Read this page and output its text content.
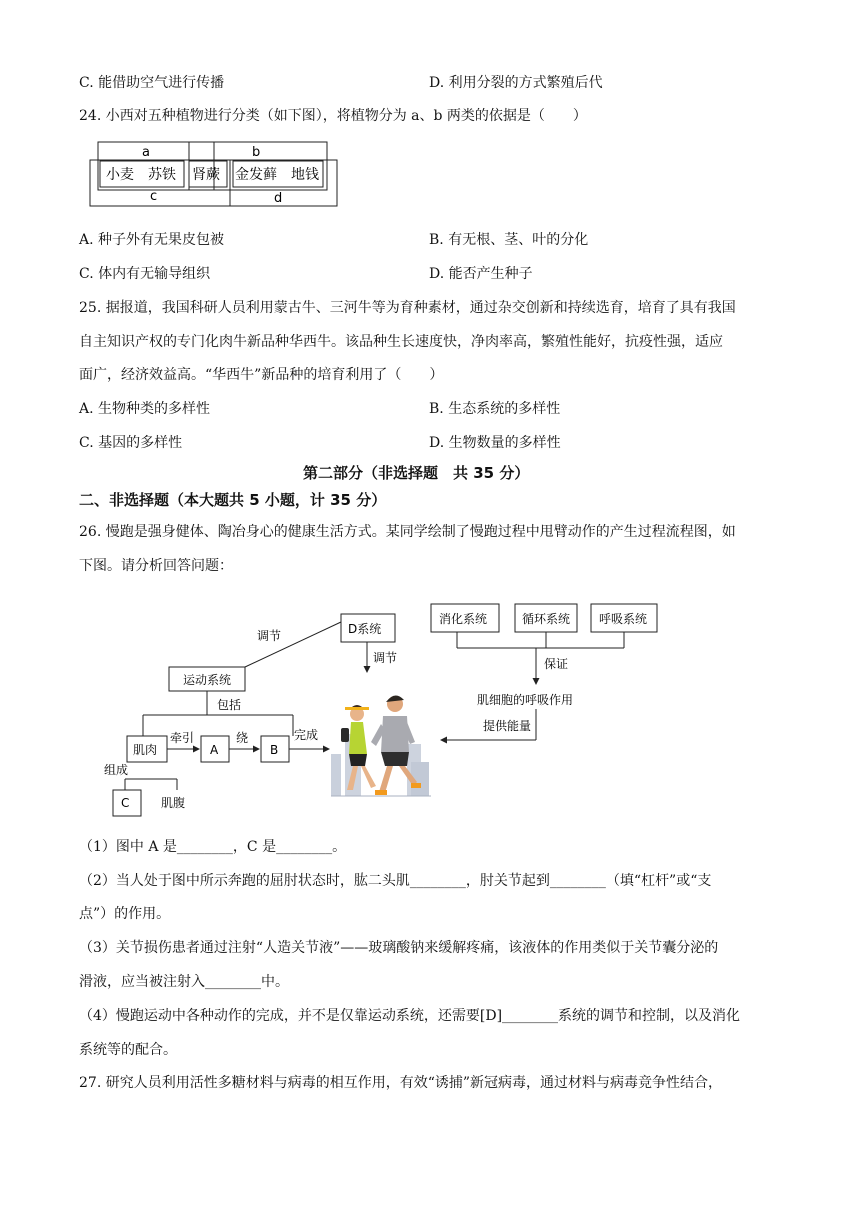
C. 能借助空气进行传播	D. 利用分裂的方式繁殖后代
24. 小西对五种植物进行分类（如下图），将植物分为 a、b 两类的依据是（　　）
a	b
c	d
小麦　苏铁 肾蕨 金发藓　地钱
A. 种子外有无果皮包被	B. 有无根、茎、叶的分化
C. 体内有无输导组织	D. 能否产生种子
25. 据报道，我国科研人员利用蒙古牛、三河牛等为育种素材，通过杂交创新和持续选育，培育了具有我国
自主知识产权的专门化肉牛新品种华西牛。该品种生长速度快，净肉率高，繁殖性能好，抗疫性强，适应
面广，经济效益高。“华西牛”新品种的培育利用了（　　）
A. 生物种类的多样性	B. 生态系统的多样性
C. 基因的多样性	D. 生物数量的多样性
第二部分（非选择题　共 35 分）
二、非选择题（本大题共 5 小题，计 35 分）
26. 慢跑是强身健体、陶冶身心的健康生活方式。某同学绘制了慢跑过程中甩臂动作的产生过程流程图，如
下图。请分析回答问题：
D系统
调节
调节
运动系统
包括
肌肉
牵引
A
绕
B
完成
组成
C	肌腹
消化系统	循环系统 呼吸系统
保证
肌细胞的呼吸作用
提供能量
（1）图中 A 是________，C 是________。
（2）当人处于图中所示奔跑的屈肘状态时，肱二头肌________，肘关节起到________（填“杠杆”或“支
点”）的作用。
（3）关节损伤患者通过注射“人造关节液”——玻璃酸钠来缓解疼痛，该液体的作用类似于关节囊分泌的
滑液，应当被注射入________中。
（4）慢跑运动中各种动作的完成，并不是仅靠运动系统，还需要[D]________系统的调节和控制，以及消化
系统等的配合。
27. 研究人员利用活性多糖材料与病毒的相互作用，有效“诱捕”新冠病毒，通过材料与病毒竞争性结合，
